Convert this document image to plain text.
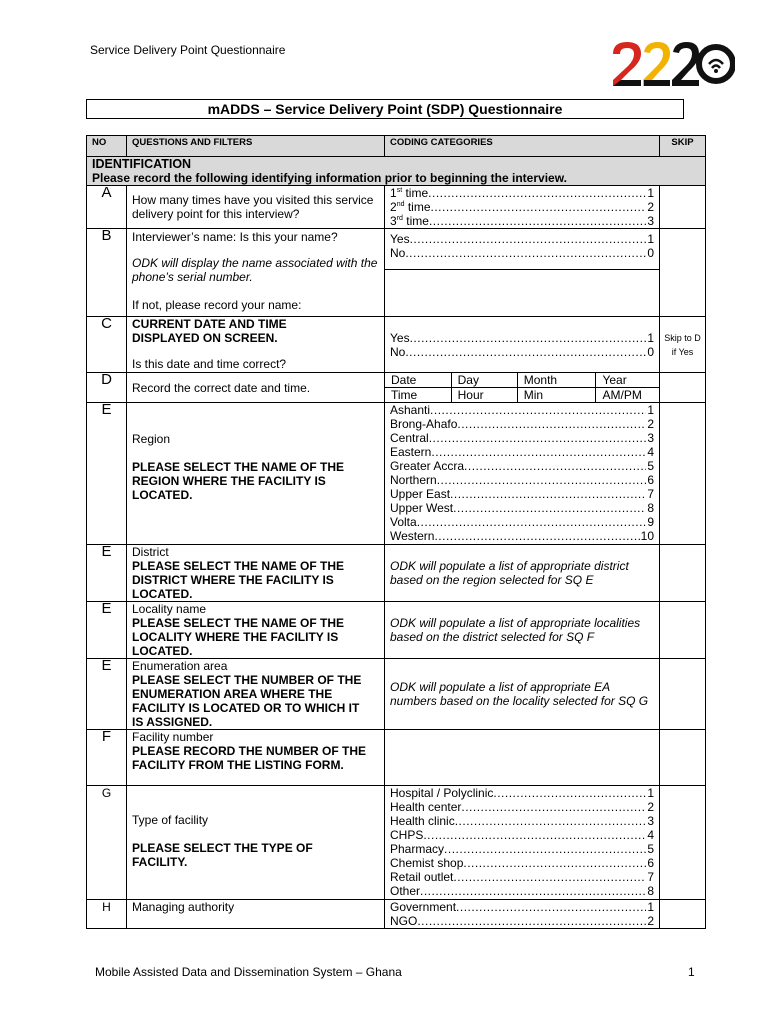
Service Delivery Point Questionnaire
mADDS – Service Delivery Point (SDP) Questionnaire
NO	QUESTIONS AND FILTERS	CODING CATEGORIES	SKIP

IDENTIFICATION
Please record the following identifying information prior to beginning the interview.

A	How many times have you visited this service delivery point for this interview?

1st time .....	1
2nd time .....	2
3rd time .....	3

B	Interviewer’s name: Is this your name?
ODK will display the name associated with the phone’s serial number.
If not, please record your name:

Yes .....	1
No .....	0

C	CURRENT DATE AND TIME DISPLAYED ON SCREEN.
Is this date and time correct?

Yes .....	1
No .....	0
	Skip to D if Yes
D	Record the correct date and time.

Date	Day	Month	Year
Time	Hour	Min	AM/PM

E	
Region
PLEASE SELECT THE NAME OF THE REGION WHERE THE FACILITY IS LOCATED.

Ashanti .....	1
Brong-Ahafo .....	2
Central .....	3
Eastern .....	4
Greater Accra .....	5
Northern .....	6
Upper East .....	7
Upper West .....	8
Volta .....	9
Western .....	10

E	District
PLEASE SELECT THE NAME OF THE DISTRICT WHERE THE FACILITY IS LOCATED.

ODK will populate a list of appropriate district based on the region selected for SQ E

E	Locality name
PLEASE SELECT THE NAME OF THE LOCALITY WHERE THE FACILITY IS LOCATED.

ODK will populate a list of appropriate localities based on the district selected for SQ F

E	Enumeration area
PLEASE SELECT THE NUMBER OF THE ENUMERATION AREA WHERE THE FACILITY IS LOCATED OR TO WHICH IT IS ASSIGNED.

ODK will populate a list of appropriate EA numbers based on the locality selected for SQ G

F	Facility number
PLEASE RECORD THE NUMBER OF THE FACILITY FROM THE LISTING FORM.

G	
Type of facility
PLEASE SELECT THE TYPE OF FACILITY.

Hospital / Polyclinic .....	1
Health center .....	2
Health clinic .....	3
CHPS .....	4
Pharmacy .....	5
Chemist shop .....	6
Retail outlet .....	7
Other .....	8

H	Managing authority	Government .....	1
NGO .....	2

Mobile Assisted Data and Dissemination System – Ghana	1
